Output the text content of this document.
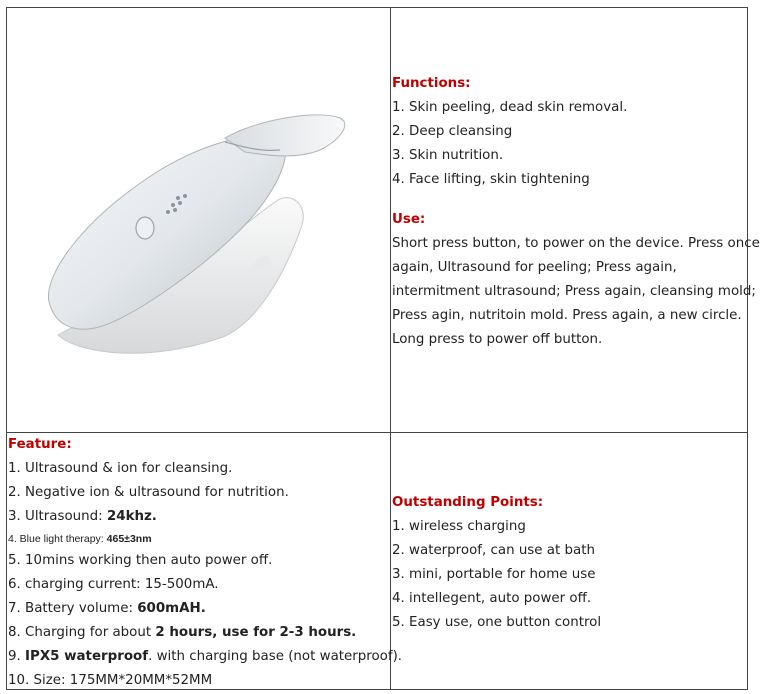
Functions:
1. Skin peeling, dead skin removal.
2. Deep cleansing
3. Skin nutrition.
4. Face lifting, skin tightening
Use:
Short press button, to power on the device. Press once
again, Ultrasound for peeling; Press again,
intermitment ultrasound; Press again, cleansing mold;
Press agin, nutritoin mold. Press again, a new circle.
Long press to power off button.
Feature:
1. Ultrasound & ion for cleansing.
2. Negative ion & ultrasound for nutrition.
3. Ultrasound: 24khz.
4. Blue light therapy: 465±3nm
5. 10mins working then auto power off.
6. charging current: 15-500mA.
7. Battery volume: 600mAH.
8. Charging for about 2 hours, use for 2-3 hours.
9. IPX5 waterproof. with charging base (not waterproof).
10. Size: 175MM*20MM*52MM
Outstanding Points:
1. wireless charging
2. waterproof, can use at bath
3. mini, portable for home use
4. intellegent, auto power off.
5. Easy use, one button control
